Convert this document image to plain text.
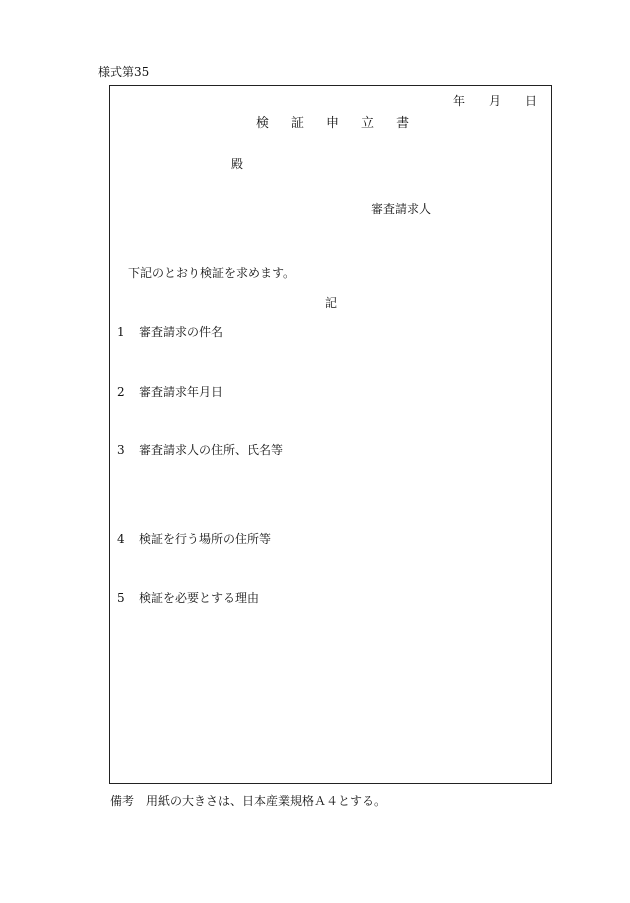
様式第35
年 月 日
検 証 申 立 書
殿
審査請求人
下記のとおり検証を求めます。
記
1 審査請求の件名
2 審査請求年月日
3 審査請求人の住所、氏名等
4 検証を行う場所の住所等
5 検証を必要とする理由
備考 用紙の大きさは、日本産業規格Ａ４とする。
